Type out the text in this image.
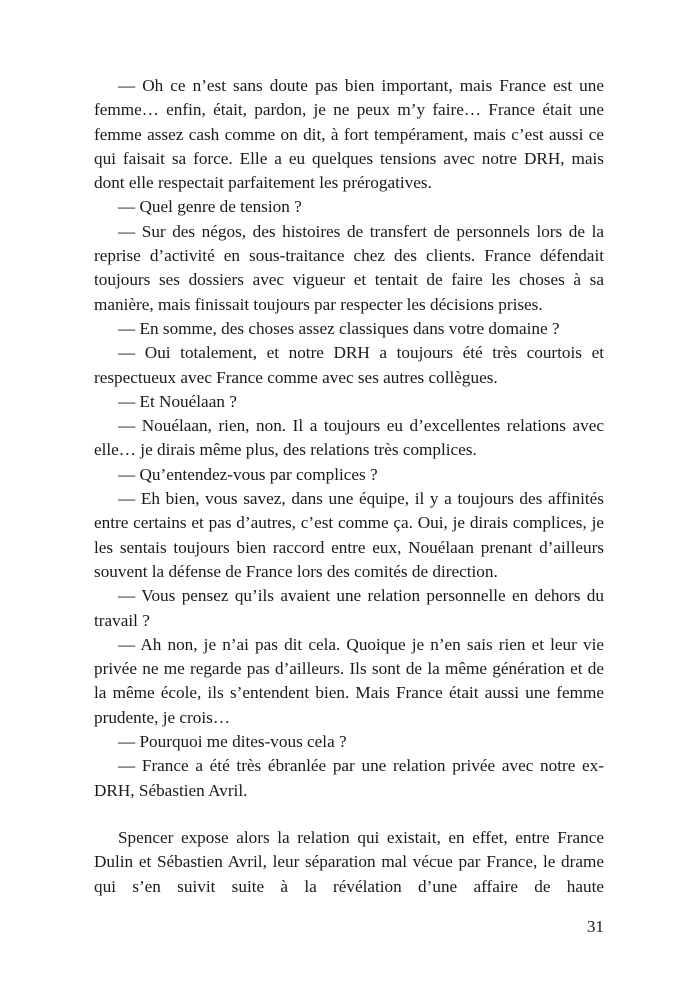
— Oh ce n’est sans doute pas bien important, mais France est une femme… enfin, était, pardon, je ne peux m’y faire… France était une femme assez cash comme on dit, à fort tempérament, mais c’est aussi ce qui faisait sa force. Elle a eu quelques tensions avec notre DRH, mais dont elle respectait parfaitement les prérogatives.

— Quel genre de tension ?

— Sur des négos, des histoires de transfert de personnels lors de la reprise d’activité en sous-traitance chez des clients. France défendait toujours ses dossiers avec vigueur et tentait de faire les choses à sa manière, mais finissait toujours par respecter les décisions prises.

— En somme, des choses assez classiques dans votre domaine ?

— Oui totalement, et notre DRH a toujours été très courtois et respectueux avec France comme avec ses autres collègues.

— Et Nouélaan ?

— Nouélaan, rien, non. Il a toujours eu d’excellentes relations avec elle… je dirais même plus, des relations très complices.

— Qu’entendez-vous par complices ?

— Eh bien, vous savez, dans une équipe, il y a toujours des affinités entre certains et pas d’autres, c’est comme ça. Oui, je dirais complices, je les sentais toujours bien raccord entre eux, Nouélaan prenant d’ailleurs souvent la défense de France lors des comités de direction.

— Vous pensez qu’ils avaient une relation personnelle en dehors du travail ?

— Ah non, je n’ai pas dit cela. Quoique je n’en sais rien et leur vie privée ne me regarde pas d’ailleurs. Ils sont de la même génération et de la même école, ils s’entendent bien. Mais France était aussi une femme prudente, je crois…

— Pourquoi me dites-vous cela ?

— France a été très ébranlée par une relation privée avec notre ex-DRH, Sébastien Avril.

Spencer expose alors la relation qui existait, en effet, entre France Dulin et Sébastien Avril, leur séparation mal vécue par France, le drame qui s’en suivit suite à la révélation d’une affaire de haute

31
